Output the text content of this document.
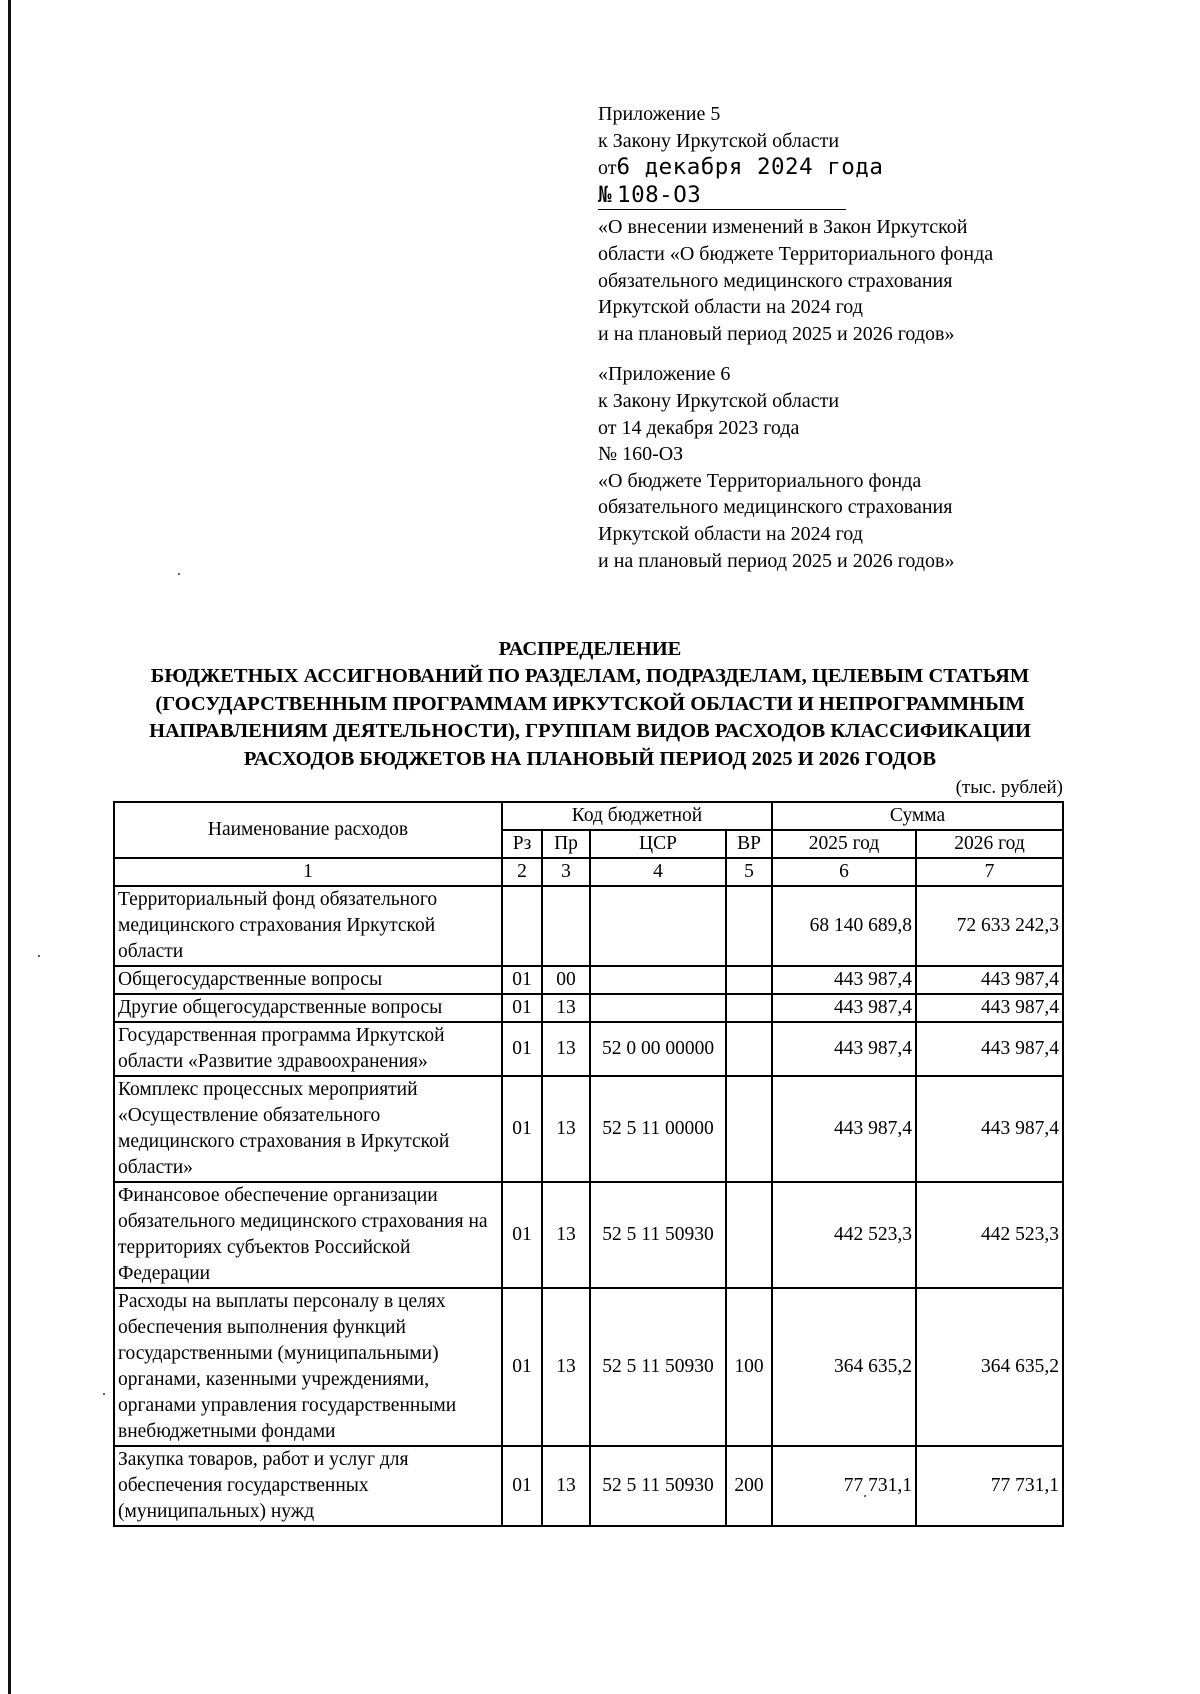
Приложение 5
к Закону Иркутской области
от6 декабря 2024 года
№ 108-ОЗ
«О внесении изменений в Закон Иркутской
области «О бюджете Территориального фонда
обязательного медицинского страхования
Иркутской области на 2024 год
и на плановый период 2025 и 2026 годов»
«Приложение 6
к Закону Иркутской области
от 14 декабря 2023 года
№ 160-ОЗ
«О бюджете Территориального фонда
обязательного медицинского страхования
Иркутской области на 2024 год
и на плановый период 2025 и 2026 годов»
РАСПРЕДЕЛЕНИЕ
БЮДЖЕТНЫХ АССИГНОВАНИЙ ПО РАЗДЕЛАМ, ПОДРАЗДЕЛАМ, ЦЕЛЕВЫМ СТАТЬЯМ
(ГОСУДАРСТВЕННЫМ ПРОГРАММАМ ИРКУТСКОЙ ОБЛАСТИ И НЕПРОГРАММНЫМ
НАПРАВЛЕНИЯМ ДЕЯТЕЛЬНОСТИ), ГРУППАМ ВИДОВ РАСХОДОВ КЛАССИФИКАЦИИ
РАСХОДОВ БЮДЖЕТОВ НА ПЛАНОВЫЙ ПЕРИОД 2025 И 2026 ГОДОВ
(тыс. рублей)
Наименование расходов	Код бюджетной				Сумма	
	Рз	Пр	ЦСР	ВР	2025 год	2026 год
1	2	3	4	5	6	7
Территориальный фонд обязательного медицинского страхования Иркутской области					68 140 689,8	72 633 242,3
Общегосударственные вопросы	01	00			443 987,4	443 987,4
Другие общегосударственные вопросы	01	13			443 987,4	443 987,4
Государственная программа Иркутской области «Развитие здравоохранения»	01	13	52 0 00 00000		443 987,4	443 987,4
Комплекс процессных мероприятий «Осуществление обязательного медицинского страхования в Иркутской области»	01	13	52 5 11 00000		443 987,4	443 987,4
Финансовое обеспечение организации обязательного медицинского страхования на территориях субъектов Российской Федерации	01	13	52 5 11 50930		442 523,3	442 523,3
Расходы на выплаты персоналу в целях обеспечения выполнения функций государственными (муниципальными) органами, казенными учреждениями, органами управления государственными внебюджетными фондами	01	13	52 5 11 50930	100	364 635,2	364 635,2
Закупка товаров, работ и услуг для обеспечения государственных (муниципальных) нужд	01	13	52 5 11 50930	200	77 731,1	77 731,1
